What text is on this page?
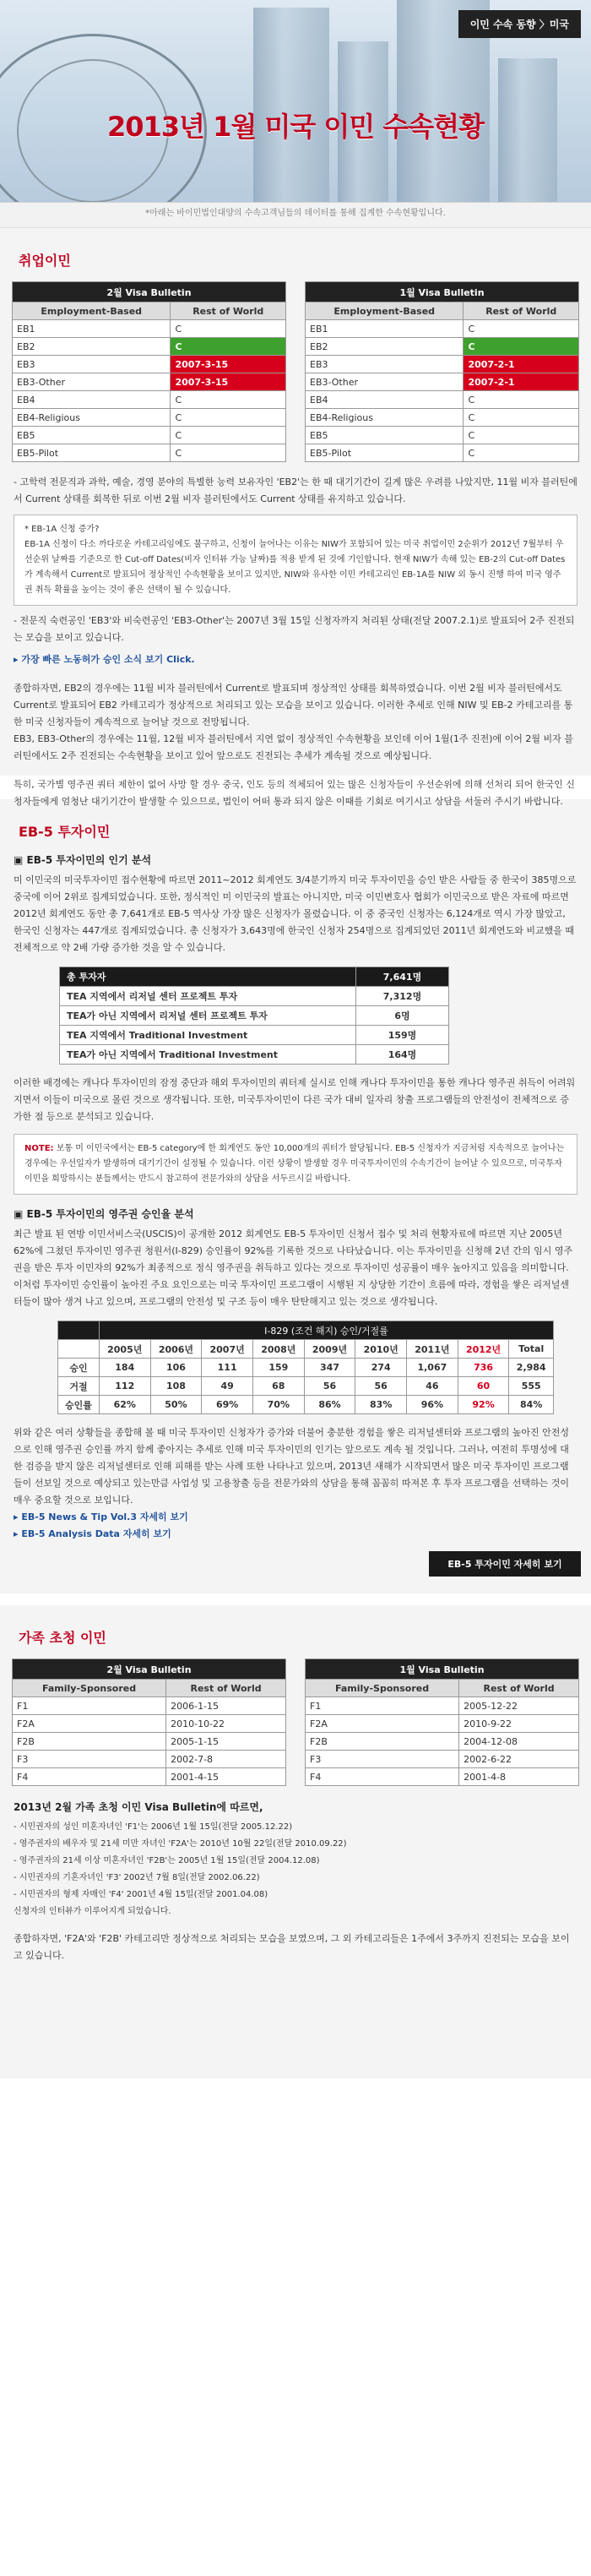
이민 수속 동향 〉미국
2013년 1월 미국 이민 수속현황
*아래는 바이민법인대양의 수속고객님들의 데이터를 통해 집계한 수속현황입니다.
취업이민
2월 Visa Bulletin	
Employment-Based	Rest of World
EB1	C
EB2	C
EB3	2007-3-15
EB3-Other	2007-3-15
EB4	C
EB4-Religious	C
EB5	C
EB5-Pilot	C
1월 Visa Bulletin	
Employment-Based	Rest of World
EB1	C
EB2	C
EB3	2007-2-1
EB3-Other	2007-2-1
EB4	C
EB4-Religious	C
EB5	C
EB5-Pilot	C

- 고학력 전문직과 과학, 예술, 경영 분야의 특별한 능력 보유자인 'EB2'는 한 때 대기기간이 길게 많은 우려를 나았지만, 11월 비자 블러틴에서 Current 상태를 회복한 뒤로 이번 2월 비자 블러틴에서도 Current 상태를 유지하고 있습니다.

* EB-1A 신청 증가?
EB-1A 신청이 다소 까다로운 카테고리임에도 불구하고, 신청이 늘어나는 이유는 NIW가 포함되어 있는 미국 취업이민 2순위가 2012년 7월부터 우선순위 날짜를 기준으로 한 Cut-off Dates(비자 인터뷰 가능 날짜)를 적용 받게 된 것에 기인합니다. 현재 NIW가 속해 있는 EB-2의 Cut-off Dates가 계속해서 Current로 발표되어 정상적인 수속현황을 보이고 있지만, NIW와 유사한 이민 카테고리인 EB-1A를 NIW 외 동시 진행 하여 미국 영주권 취득 확률을 높이는 것이 좋은 선택이 될 수 있습니다.

- 전문직 숙련공인 'EB3'와 비숙련공인 'EB3-Other'는 2007년 3월 15일 신청자까지 처리된 상태(전달 2007.2.1)로 발표되어 2주 진전되는 모습을 보이고 있습니다.

▸ 가장 빠른 노동허가 승인 소식 보기 Click.

종합하자면, EB2의 경우에는 11월 비자 블러틴에서 Current로 발표되며 정상적인 상태를 회복하였습니다. 이번 2월 비자 블러틴에서도 Current로 발표되어 EB2 카테고리가 정상적으로 처리되고 있는 모습을 보이고 있습니다. 이러한 추세로 인해 NIW 및 EB-2 카테고리를 통한 미국 신청자들이 계속적으로 늘어날 것으로 전망됩니다.

EB3, EB3-Other의 경우에는 11월, 12월 비자 블러틴에서 지연 없이 정상적인 수속현황을 보인데 이어 1월(1주 진전)에 이어 2월 비자 블러틴에서도 2주 진전되는 수속현황을 보이고 있어 앞으로도 진전되는 추세가 계속될 것으로 예상됩니다.

특히, 국가별 영주권 쿼터 제한이 없어 사망 할 경우 중국, 인도 등의 적체되어 있는 많은 신청자들이 우선순위에 의해 선처리 되어 한국인 신청자들에게 엄청난 대기기간이 발생할 수 있으므로, 법인이 어떠 통과 되지 않은 이때를 기회로 여기시고 상담을 서둘러 주시기 바랍니다.

EB-5 투자이민
▣ EB-5 투자이민의 인기 분석

미 이민국의 미국투자이민 접수현황에 따르면 2011~2012 회계연도 3/4분기까지 미국 투자이민을 승인 받은 사람들 중 한국이 385명으로 중국에 이어 2위로 집계되었습니다. 또한, 정식적인 미 이민국의 발표는 아니지만, 미국 이민변호사 협회가 이민국으로 받은 자료에 따르면 2012년 회계연도 동안 총 7,641개로 EB-5 역사상 가장 많은 신청자가 몰렸습니다. 이 중 중국인 신청자는 6,124개로 역시 가장 많았고, 한국인 신청자는 447개로 집계되었습니다. 총 신청자가 3,643명에 한국인 신청자 254명으로 집계되었던 2011년 회계연도와 비교했을 때 전체적으로 약 2배 가량 증가한 것을 알 수 있습니다.

총 투자자	7,641명
TEA 지역에서 리저널 센터 프로젝트 투자	7,312명
TEA가 아닌 지역에서 리저널 센터 프로젝트 투자	6명
TEA 지역에서 Traditional Investment	159명
TEA가 아닌 지역에서 Traditional Investment	164명

이러한 배경에는 캐나다 투자이민의 잠정 중단과 해외 투자이민의 쿼터제 실시로 인해 캐나다 투자이민을 통한 캐나다 영주권 취득이 어려워지면서 이들이 미국으로 몰린 것으로 생각됩니다. 또한, 미국투자이민이 다른 국가 대비 일자리 창출 프로그램들의 안전성이 전체적으로 증가한 점 등으로 분석되고 있습니다.

NOTE: 보통 미 이민국에서는 EB-5 category에 한 회계연도 동안 10,000개의 쿼터가 할당됩니다. EB-5 신청자가 지금처럼 지속적으로 늘어나는 경우에는 우선일자가 발생하며 대기기간이 설정될 수 있습니다. 이런 상황이 발생할 경우 미국투자이민의 수속기간이 늘어날 수 있으므로, 미국투자이민을 희망하시는 분들께서는 반드시 참고하여 전문가와의 상담을 서두르시길 바랍니다.
▣ EB-5 투자이민의 영주권 승인율 분석

최근 발표 된 연방 이민서비스국(USCIS)이 공개한 2012 회계연도 EB-5 투자이민 신청서 접수 및 처리 현황자료에 따르면 지난 2005년 62%에 그쳤던 투자이민 영주권 청원서(I-829) 승인률이 92%를 기록한 것으로 나타났습니다. 이는 투자이민을 신청해 2년 간의 임시 영주권을 받은 투자 이민자의 92%가 최종적으로 정식 영주권을 취득하고 있다는 것으로 투자이민 성공률이 매우 높아지고 있음을 의미합니다.

이처럼 투자이민 승인률이 높아진 주요 요인으로는 미국 투자이민 프로그램이 시행된 지 상당한 기간이 흐름에 따라, 경험을 쌓은 리저널센터들이 많아 생겨 나고 있으며, 프로그램의 안전성 및 구조 등이 매우 탄탄해지고 있는 것으로 생각됩니다.

	I-829 (조건 해지) 승인/거절률								
	2005년	2006년	2007년	2008년	2009년	2010년	2011년	2012년	Total
승인	184	106	111	159	347	274	1,067	736	2,984
거절	112	108	49	68	56	56	46	60	555
승인률	62%	50%	69%	70%	86%	83%	96%	92%	84%

위와 같은 여러 상황들을 종합해 볼 때 미국 투자이민 신청자가 증가와 더불어 충분한 경험을 쌓은 리저널센터와 프로그램의 높아진 안전성으로 인해 영주권 승인률 까지 함께 좋아지는 추세로 인해 미국 투자이민의 인기는 앞으로도 계속 될 것입니다. 그러나, 여전히 투명성에 대한 검증을 받지 않은 리저널센터로 인해 피해를 받는 사례 또한 나타나고 있으며, 2013년 새해가 시작되면서 많은 미국 투자이민 프로그램들이 선보일 것으로 예상되고 있는만큼 사업성 및 고용창출 등을 전문가와의 상담을 통해 꼼꼼히 따져본 후 투자 프로그램을 선택하는 것이 매우 중요할 것으로 보입니다.

▸ EB-5 News & Tip Vol.3 자세히 보기

▸ EB-5 Analysis Data 자세히 보기

EB-5 투자이민 자세히 보기
가족 초청 이민
2월 Visa Bulletin	
Family-Sponsored	Rest of World
F1	2006-1-15
F2A	2010-10-22
F2B	2005-1-15
F3	2002-7-8
F4	2001-4-15
1월 Visa Bulletin	
Family-Sponsored	Rest of World
F1	2005-12-22
F2A	2010-9-22
F2B	2004-12-08
F3	2002-6-22
F4	2001-4-8
2013년 2월 가족 초청 이민 Visa Bulletin에 따르면,
- 시민권자의 성인 미혼자녀인 'F1'는 2006년 1월 15일(전달 2005.12.22)
- 영주권자의 배우자 및 21세 미만 자녀인 'F2A'는 2010년 10월 22일(전달 2010.09.22)
- 영주권자의 21세 이상 미혼자녀인 'F2B'는 2005년 1월 15일(전달 2004.12.08)
- 시민권자의 기혼자녀인 'F3' 2002년 7월 8일(전달 2002.06.22)
- 시민권자의 형제 자매인 'F4' 2001년 4월 15일(전달 2001.04.08)
신청자의 인터뷰가 이루어지게 되었습니다.

종합하자면, 'F2A'와 'F2B' 카테고리만 정상적으로 처리되는 모습을 보였으며, 그 외 카테고리들은 1주에서 3주까지 진전되는 모습을 보이고 있습니다.
